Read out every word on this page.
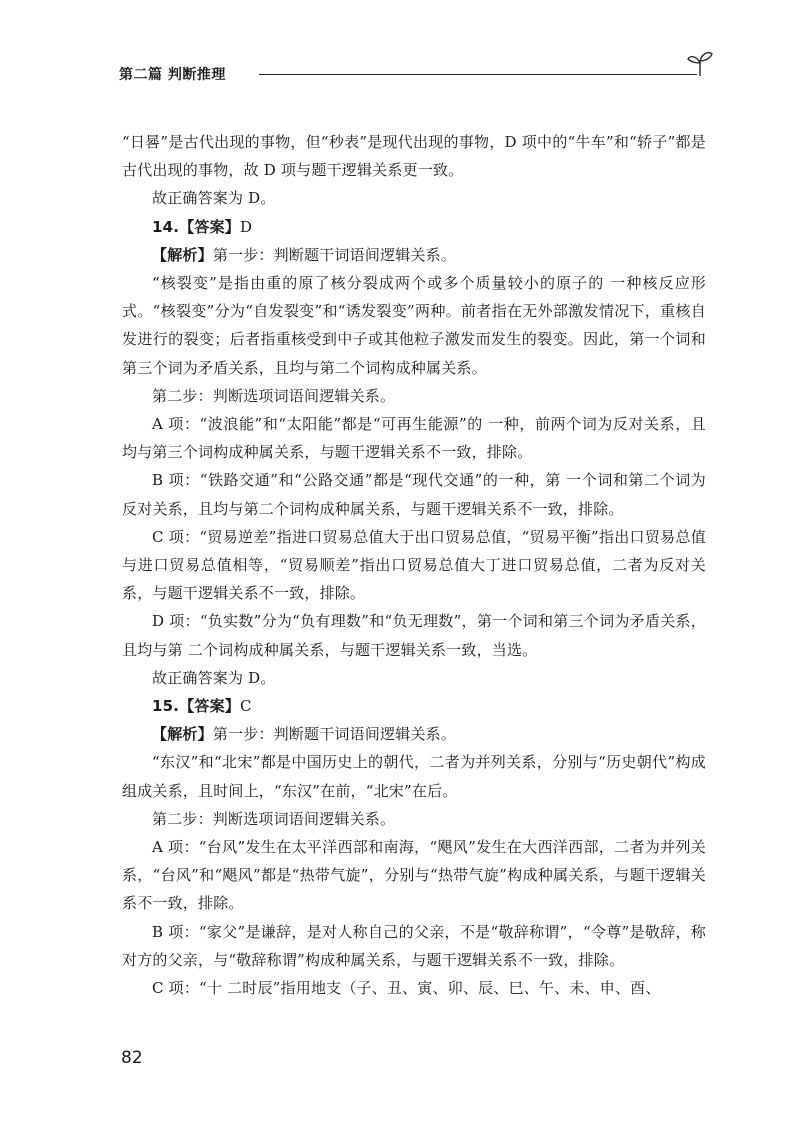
第二篇 判断推理

“日晷”是古代出现的事物，但“秒表”是现代出现的事物，D 项中的“牛车”和“轿子”都是古代出现的事物，故 D 项与题干逻辑关系更一致。

故正确答案为 D。

14.【答案】D

【解析】第一步：判断题干词语间逻辑关系。

“核裂变”是指由重的原了核分裂成两个或多个质量较小的原子的 一种核反应形式。“核裂变”分为“自发裂变”和“诱发裂变”两种。前者指在无外部激发情况下，重核自发进行的裂变；后者指重核受到中子或其他粒子激发而发生的裂变。因此，第一个词和第三个词为矛盾关系，且均与第二个词构成种属关系。

第二步：判断选项词语间逻辑关系。

A 项：“波浪能”和“太阳能”都是“可再生能源”的 一种，前两个词为反对关系，且均与第三个词构成种属关系，与题干逻辑关系不一致，排除。

B 项：“铁路交通”和“公路交通”都是“现代交通”的一种，第 一个词和第二个词为反对关系，且均与第二个词构成种属关系，与题干逻辑关系不一致，排除。

C 项：“贸易逆差”指进口贸易总值大于出口贸易总值，“贸易平衡”指出口贸易总值与进口贸易总值相等，“贸易顺差”指出口贸易总值大丁进口贸易总值，二者为反对关系，与题干逻辑关系不一致，排除。

D 项：“负实数”分为“负有理数”和“负无理数”，第一个词和第三个词为矛盾关系，且均与第 二个词构成种属关系，与题干逻辑关系一致，当选。

故正确答案为 D。

15.【答案】C

【解析】第一步：判断题干词语间逻辑关系。

“东汉”和“北宋”都是中国历史上的朝代，二者为并列关系，分别与“历史朝代”构成组成关系，且时间上，“东汉”在前，“北宋”在后。

第二步：判断选项词语间逻辑关系。

A 项：“台风”发生在太平洋西部和南海，“飓风”发生在大西洋西部，二者为并列关系，“台风”和“飓风”都是“热带气旋”，分别与“热带气旋”构成种属关系，与题干逻辑关系不一致，排除。

B 项：“家父”是谦辞，是对人称自己的父亲，不是“敬辞称谓”，“令尊”是敬辞，称对方的父亲，与“敬辞称谓”构成种属关系，与题干逻辑关系不一致，排除。

C 项：“十 二时辰”指用地支（子、丑、寅、卯、辰、巳、午、未、申、酉、

82
